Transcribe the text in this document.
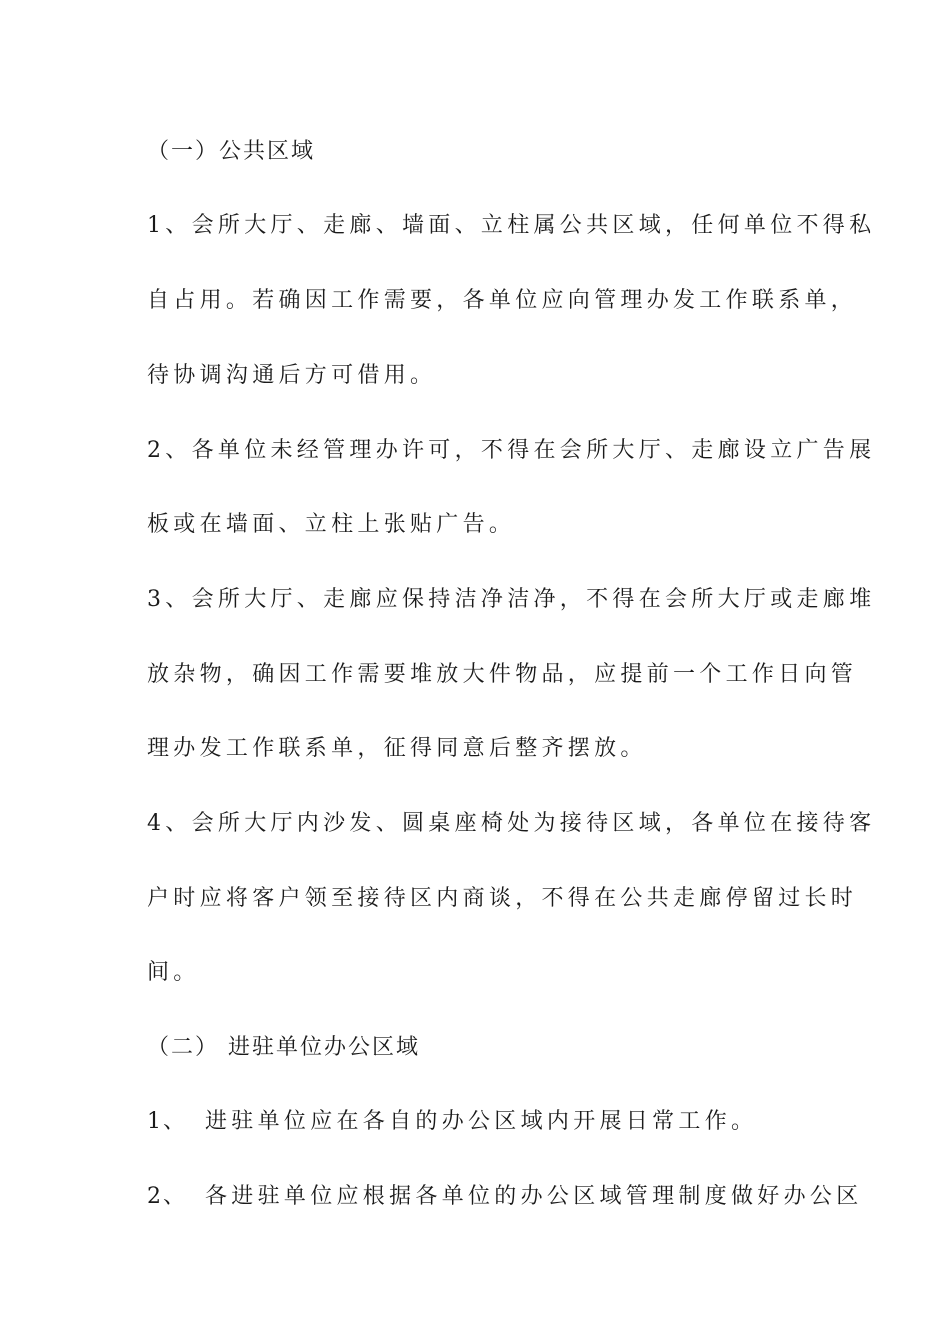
（一）公共区域
1、会所大厅、走廊、墙面、立柱属公共区域，任何单位不得私
自占用。若确因工作需要，各单位应向管理办发工作联系单，
待协调沟通后方可借用。
2、各单位未经管理办许可，不得在会所大厅、走廊设立广告展
板或在墙面、立柱上张贴广告。
3、会所大厅、走廊应保持洁净洁净，不得在会所大厅或走廊堆
放杂物，确因工作需要堆放大件物品，应提前一个工作日向管
理办发工作联系单，征得同意后整齐摆放。
4、会所大厅内沙发、圆桌座椅处为接待区域，各单位在接待客
户时应将客户领至接待区内商谈，不得在公共走廊停留过长时
间。
（二） 进驻单位办公区域
1、 进驻单位应在各自的办公区域内开展日常工作。
2、 各进驻单位应根据各单位的办公区域管理制度做好办公区
